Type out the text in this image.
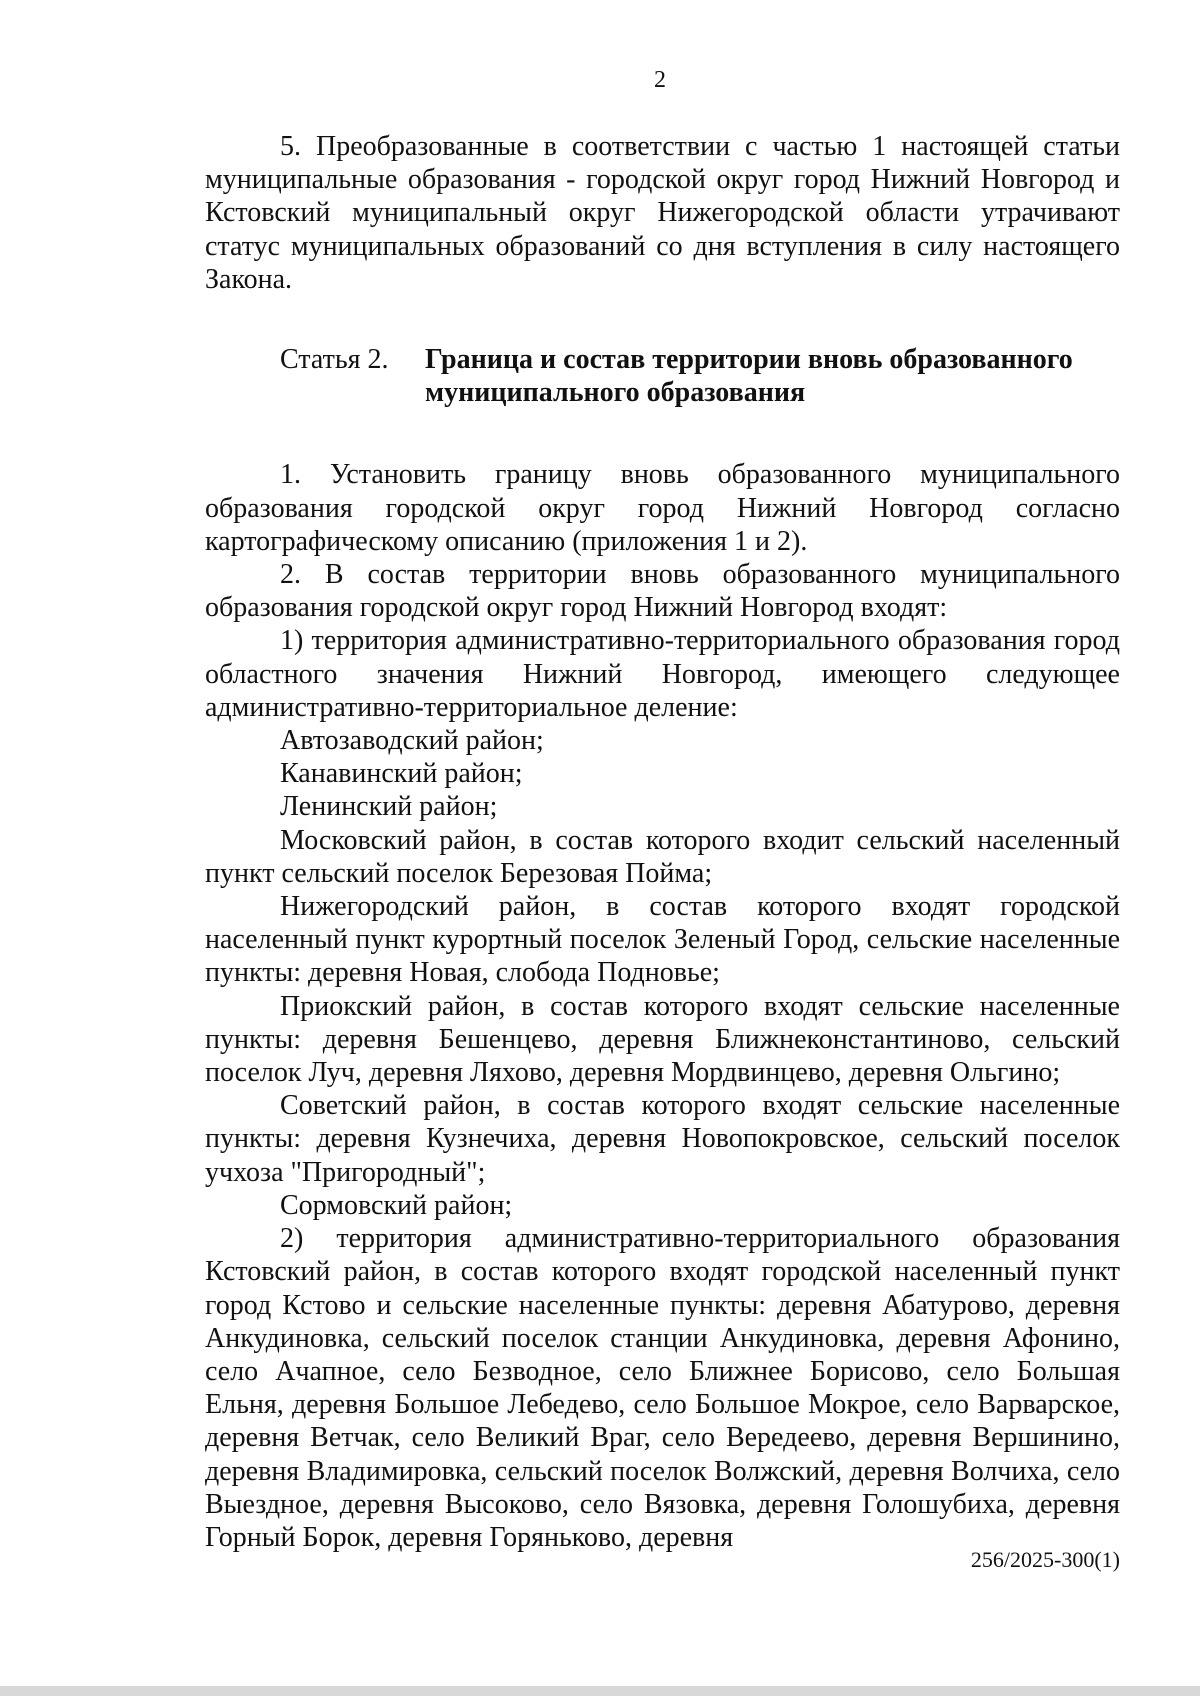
2

5. Преобразованные в соответствии с частью 1 настоящей статьи муниципальные образования - городской округ город Нижний Новгород и Кстовский муниципальный округ Нижегородской области утрачивают статус муниципальных образований со дня вступления в силу настоящего Закона.

Статья 2.	Граница и состав территории вновь образованного муниципального образования

1. Установить границу вновь образованного муниципального образования городской округ город Нижний Новгород согласно картографическому описанию (приложения 1 и 2).

2. В состав территории вновь образованного муниципального образования городской округ город Нижний Новгород входят:

1) территория административно-территориального образования город областного значения Нижний Новгород, имеющего следующее административно-территориальное деление:

Автозаводский район;

Канавинский район;

Ленинский район;

Московский район, в состав которого входит сельский населенный пункт сельский поселок Березовая Пойма;

Нижегородский район, в состав которого входят городской населенный пункт курортный поселок Зеленый Город, сельские населенные пункты: деревня Новая, слобода Подновье;

Приокский район, в состав которого входят сельские населенные пункты: деревня Бешенцево, деревня Ближнеконстантиново, сельский поселок Луч, деревня Ляхово, деревня Мордвинцево, деревня Ольгино;

Советский район, в состав которого входят сельские населенные пункты: деревня Кузнечиха, деревня Новопокровское, сельский поселок учхоза "Пригородный";

Сормовский район;

2) территория административно-территориального образования Кстовский район, в состав которого входят городской населенный пункт город Кстово и сельские населенные пункты: деревня Абатурово, деревня Анкудиновка, сельский поселок станции Анкудиновка, деревня Афонино, село Ачапное, село Безводное, село Ближнее Борисово, село Большая Ельня, деревня Большое Лебедево, село Большое Мокрое, село Варварское, деревня Ветчак, село Великий Враг, село Вередеево, деревня Вершинино, деревня Владимировка, сельский поселок Волжский, деревня Волчиха, село Выездное, деревня Высоково, село Вязовка, деревня Голошубиха, деревня Горный Борок, деревня Горяньково, деревня

256/2025-300(1)
